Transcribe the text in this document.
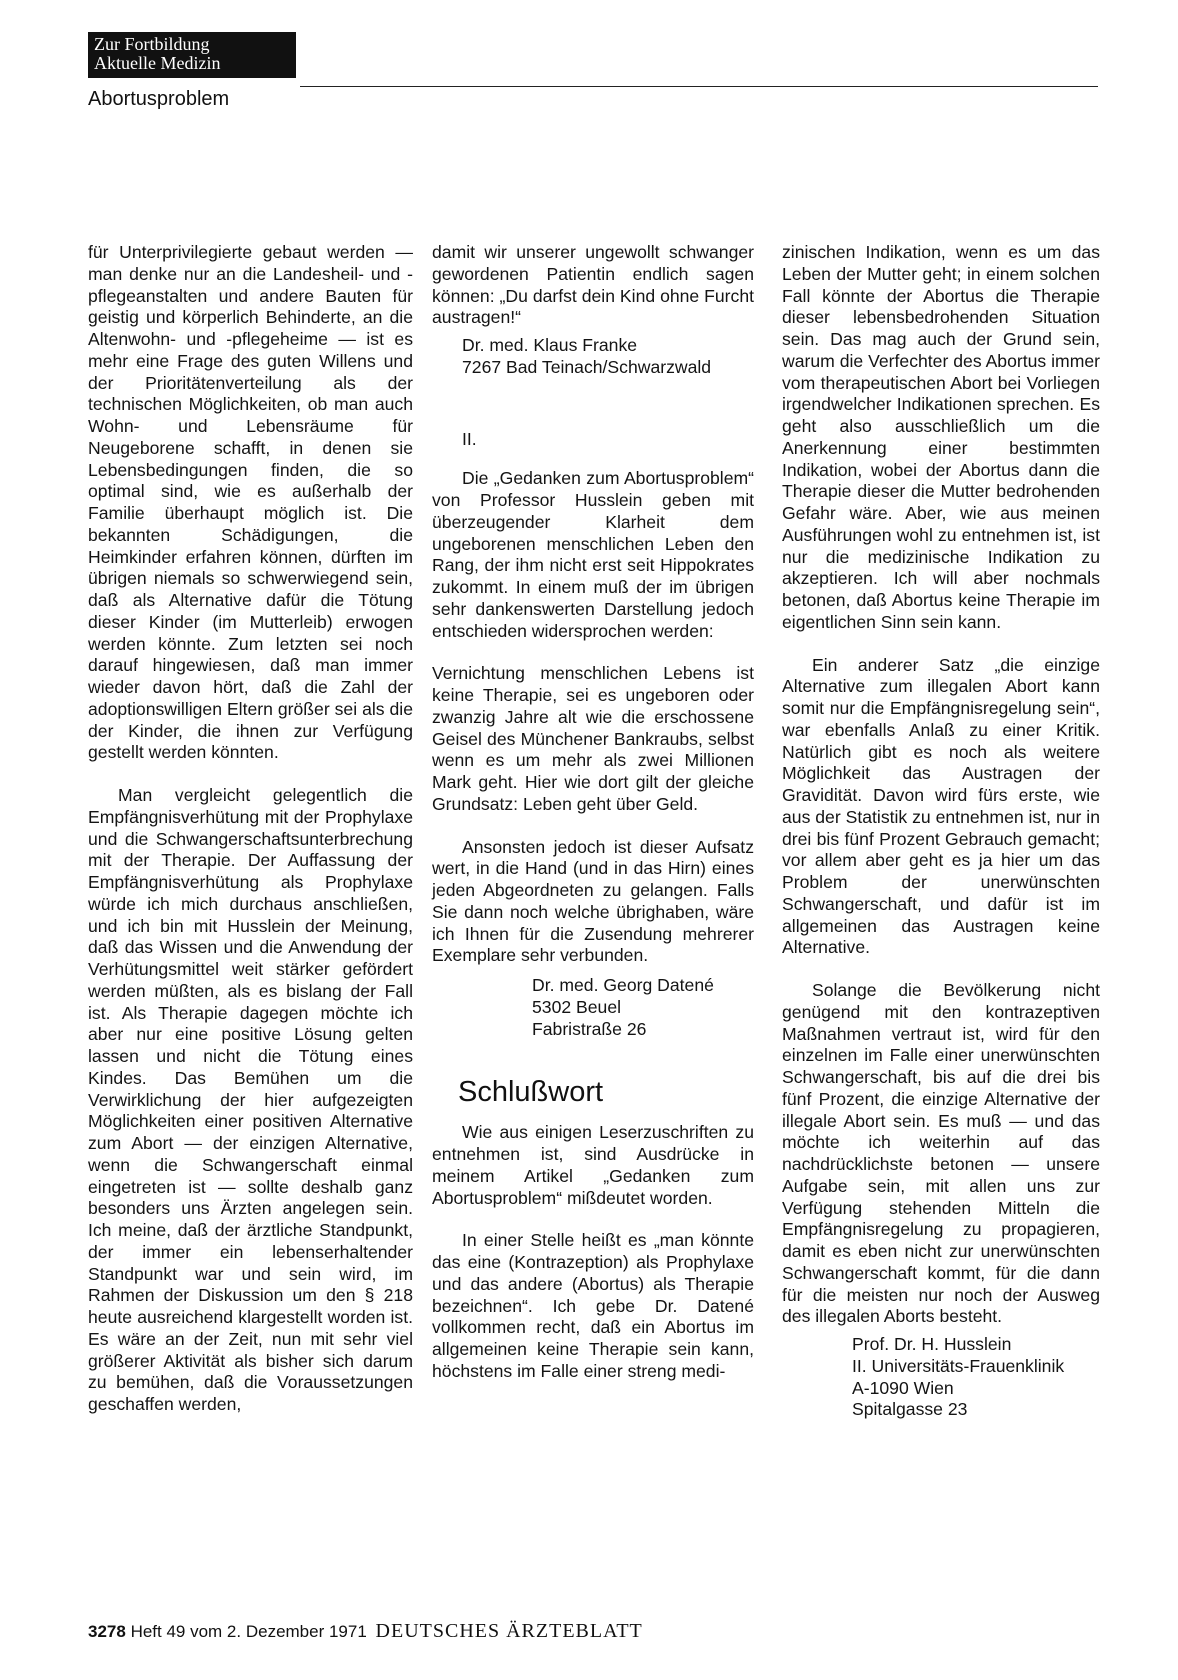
Zur Fortbildung
Aktuelle Medizin
Abortusproblem

für Unterprivilegierte gebaut werden — man denke nur an die Landesheil- und -pflegeanstalten und andere Bauten für geistig und körperlich Behinderte, an die Altenwohn- und -pflegeheime — ist es mehr eine Frage des guten Willens und der Prioritätenverteilung als der technischen Möglichkeiten, ob man auch Wohn- und Lebensräume für Neugeborene schafft, in denen sie Lebensbedingungen finden, die so optimal sind, wie es außerhalb der Familie überhaupt möglich ist. Die bekannten Schädigungen, die Heimkinder erfahren können, dürften im übrigen niemals so schwerwiegend sein, daß als Alternative dafür die Tötung dieser Kinder (im Mutterleib) erwogen werden könnte. Zum letzten sei noch darauf hingewiesen, daß man immer wieder davon hört, daß die Zahl der adoptionswilligen Eltern größer sei als die der Kinder, die ihnen zur Verfügung gestellt werden könnten.

Man vergleicht gelegentlich die Empfängnisverhütung mit der Prophylaxe und die Schwangerschaftsunterbrechung mit der Therapie. Der Auffassung der Empfängnisverhütung als Prophylaxe würde ich mich durchaus anschließen, und ich bin mit Husslein der Meinung, daß das Wissen und die Anwendung der Verhütungsmittel weit stärker gefördert werden müßten, als es bislang der Fall ist. Als Therapie dagegen möchte ich aber nur eine positive Lösung gelten lassen und nicht die Tötung eines Kindes. Das Bemühen um die Verwirklichung der hier aufgezeigten Möglichkeiten einer positiven Alternative zum Abort — der einzigen Alternative, wenn die Schwangerschaft einmal eingetreten ist — sollte deshalb ganz besonders uns Ärzten angelegen sein. Ich meine, daß der ärztliche Standpunkt, der immer ein lebenserhaltender Standpunkt war und sein wird, im Rahmen der Diskussion um den § 218 heute ausreichend klargestellt worden ist. Es wäre an der Zeit, nun mit sehr viel größerer Aktivität als bisher sich darum zu bemühen, daß die Voraussetzungen geschaffen werden,

damit wir unserer ungewollt schwanger gewordenen Patientin endlich sagen können: „Du darfst dein Kind ohne Furcht austragen!“

Dr. med. Klaus Franke
7267 Bad Teinach/Schwarzwald

II.

Die „Gedanken zum Abortusproblem“ von Professor Husslein geben mit überzeugender Klarheit dem ungeborenen menschlichen Leben den Rang, der ihm nicht erst seit Hippokrates zukommt. In einem muß der im übrigen sehr dankenswerten Darstellung jedoch entschieden widersprochen werden:

Vernichtung menschlichen Lebens ist keine Therapie, sei es ungeboren oder zwanzig Jahre alt wie die erschossene Geisel des Münchener Bankraubs, selbst wenn es um mehr als zwei Millionen Mark geht. Hier wie dort gilt der gleiche Grundsatz: Leben geht über Geld.

Ansonsten jedoch ist dieser Aufsatz wert, in die Hand (und in das Hirn) eines jeden Abgeordneten zu gelangen. Falls Sie dann noch welche übrighaben, wäre ich Ihnen für die Zusendung mehrerer Exemplare sehr verbunden.

Dr. med. Georg Datené
5302 Beuel
Fabristraße 26

Schlußwort

Wie aus einigen Leserzuschriften zu entnehmen ist, sind Ausdrücke in meinem Artikel „Gedanken zum Abortusproblem“ mißdeutet worden.

In einer Stelle heißt es „man könnte das eine (Kontrazeption) als Prophylaxe und das andere (Abortus) als Therapie bezeichnen“. Ich gebe Dr. Datené vollkommen recht, daß ein Abortus im allgemeinen keine Therapie sein kann, höchstens im Falle einer streng medi-

zinischen Indikation, wenn es um das Leben der Mutter geht; in einem solchen Fall könnte der Abortus die Therapie dieser lebensbedrohenden Situation sein. Das mag auch der Grund sein, warum die Verfechter des Abortus immer vom therapeutischen Abort bei Vorliegen irgendwelcher Indikationen sprechen. Es geht also ausschließlich um die Anerkennung einer bestimmten Indikation, wobei der Abortus dann die Therapie dieser die Mutter bedrohenden Gefahr wäre. Aber, wie aus meinen Ausführungen wohl zu entnehmen ist, ist nur die medizinische Indikation zu akzeptieren. Ich will aber nochmals betonen, daß Abortus keine Therapie im eigentlichen Sinn sein kann.

Ein anderer Satz „die einzige Alternative zum illegalen Abort kann somit nur die Empfängnisregelung sein“, war ebenfalls Anlaß zu einer Kritik. Natürlich gibt es noch als weitere Möglichkeit das Austragen der Gravidität. Davon wird fürs erste, wie aus der Statistik zu entnehmen ist, nur in drei bis fünf Prozent Gebrauch gemacht; vor allem aber geht es ja hier um das Problem der unerwünschten Schwangerschaft, und dafür ist im allgemeinen das Austragen keine Alternative.

Solange die Bevölkerung nicht genügend mit den kontrazeptiven Maßnahmen vertraut ist, wird für den einzelnen im Falle einer unerwünschten Schwangerschaft, bis auf die drei bis fünf Prozent, die einzige Alternative der illegale Abort sein. Es muß — und das möchte ich weiterhin auf das nachdrücklichste betonen — unsere Aufgabe sein, mit allen uns zur Verfügung stehenden Mitteln die Empfängnisregelung zu propagieren, damit es eben nicht zur unerwünschten Schwangerschaft kommt, für die dann für die meisten nur noch der Ausweg des illegalen Aborts besteht.

Prof. Dr. H. Husslein
II. Universitäts-Frauenklinik
A-1090 Wien
Spitalgasse 23
3278 Heft 49 vom 2. Dezember 1971 DEUTSCHES ÄRZTEBLATT
